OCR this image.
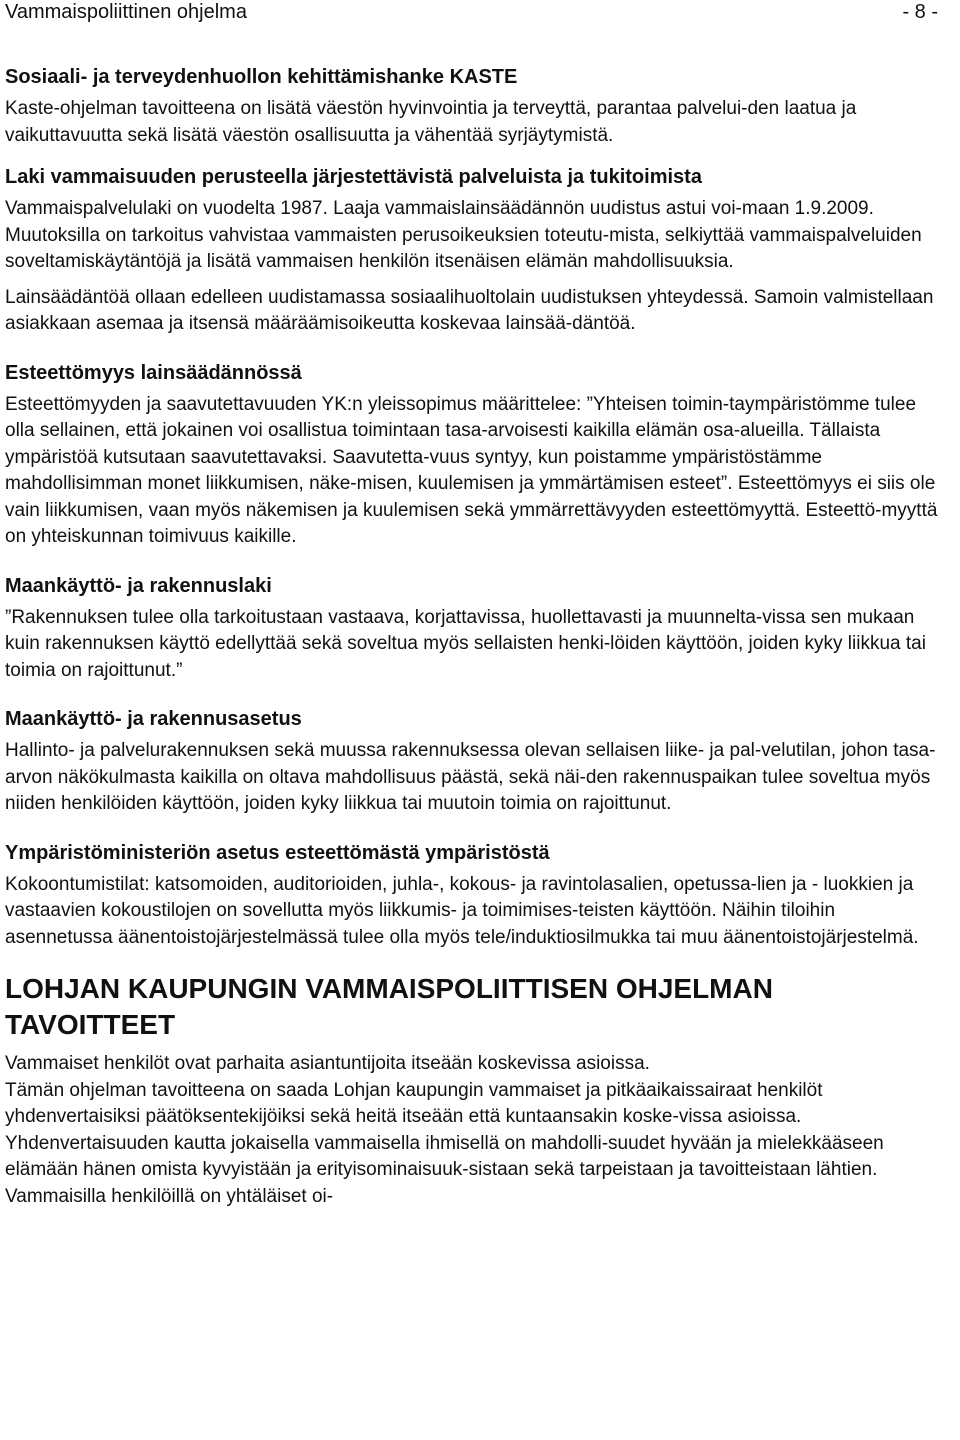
Vammaispoliittinen ohjelma	- 8 -
Sosiaali- ja terveydenhuollon kehittämishanke KASTE

Kaste-ohjelman tavoitteena on lisätä väestön hyvinvointia ja terveyttä, parantaa palvelui-den laatua ja vaikuttavuutta sekä lisätä väestön osallisuutta ja vähentää syrjäytymistä.

Laki vammaisuuden perusteella järjestettävistä palveluista ja tukitoimista

Vammaispalvelulaki on vuodelta 1987. Laaja vammaislainsäädännön uudistus astui voi-maan 1.9.2009. Muutoksilla on tarkoitus vahvistaa vammaisten perusoikeuksien toteutu-mista, selkiyttää vammaispalveluiden soveltamiskäytäntöjä ja lisätä vammaisen henkilön itsenäisen elämän mahdollisuuksia.

Lainsäädäntöä ollaan edelleen uudistamassa sosiaalihuoltolain uudistuksen yhteydessä. Samoin valmistellaan asiakkaan asemaa ja itsensä määräämisoikeutta koskevaa lainsää-däntöä.

Esteettömyys lainsäädännössä

Esteettömyyden ja saavutettavuuden YK:n yleissopimus määrittelee: ”Yhteisen toimin-taympäristömme tulee olla sellainen, että jokainen voi osallistua toimintaan tasa-arvoisesti kaikilla elämän osa-alueilla. Tällaista ympäristöä kutsutaan saavutettavaksi. Saavutetta-vuus syntyy, kun poistamme ympäristöstämme mahdollisimman monet liikkumisen, näke-misen, kuulemisen ja ymmärtämisen esteet”. Esteettömyys ei siis ole vain liikkumisen, vaan myös näkemisen ja kuulemisen sekä ymmärrettävyyden esteettömyyttä. Esteettö-myyttä on yhteiskunnan toimivuus kaikille.

Maankäyttö- ja rakennuslaki

”Rakennuksen tulee olla tarkoitustaan vastaava, korjattavissa, huollettavasti ja muunnelta-vissa sen mukaan kuin rakennuksen käyttö edellyttää sekä soveltua myös sellaisten henki-löiden käyttöön, joiden kyky liikkua tai toimia on rajoittunut.”

Maankäyttö- ja rakennusasetus

Hallinto- ja palvelurakennuksen sekä muussa rakennuksessa olevan sellaisen liike- ja pal-velutilan, johon tasa-arvon näkökulmasta kaikilla on oltava mahdollisuus päästä, sekä näi-den rakennuspaikan tulee soveltua myös niiden henkilöiden käyttöön, joiden kyky liikkua tai muutoin toimia on rajoittunut.

Ympäristöministeriön asetus esteettömästä ympäristöstä

Kokoontumistilat: katsomoiden, auditorioiden, juhla-, kokous- ja ravintolasalien, opetussa-lien ja - luokkien ja vastaavien kokoustilojen on sovellutta myös liikkumis- ja toimimises-teisten käyttöön. Näihin tiloihin asennetussa äänentoistojärjestelmässä tulee olla myös tele/induktiosilmukka tai muu äänentoistojärjestelmä.

LOHJAN KAUPUNGIN VAMMAISPOLIITTISEN OHJELMAN TAVOITTEET

Vammaiset henkilöt ovat parhaita asiantuntijoita itseään koskevissa asioissa.

Tämän ohjelman tavoitteena on saada Lohjan kaupungin vammaiset ja pitkäaikaissairaat henkilöt yhdenvertaisiksi päätöksentekijöiksi sekä heitä itseään että kuntaansakin koske-vissa asioissa. Yhdenvertaisuuden kautta jokaisella vammaisella ihmisellä on mahdolli-suudet hyvään ja mielekkääseen elämään hänen omista kyvyistään ja erityisominaisuuk-sistaan sekä tarpeistaan ja tavoitteistaan lähtien. Vammaisilla henkilöillä on yhtäläiset oi-
